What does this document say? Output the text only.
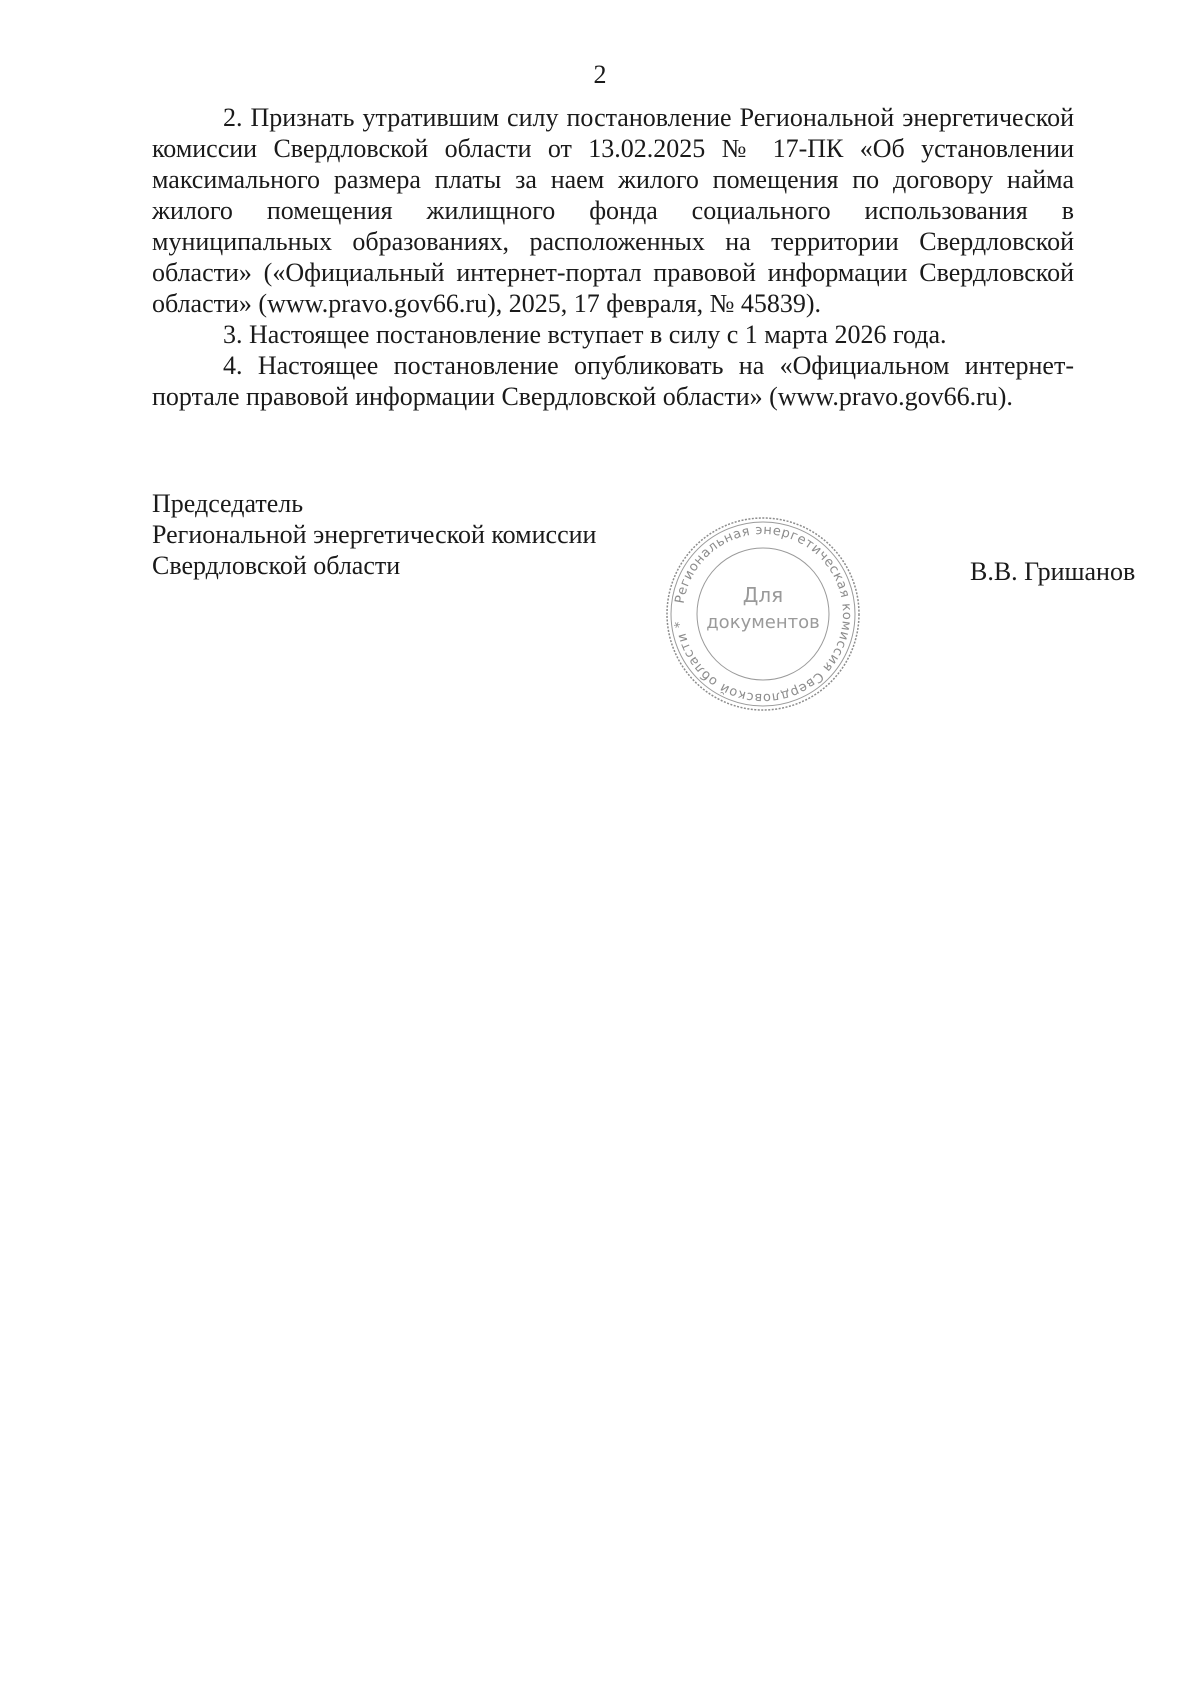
2

2. Признать утратившим силу постановление Региональной энергетической комиссии Свердловской области от 13.02.2025 № 17-ПК «Об установлении максимального размера платы за наем жилого помещения по договору найма жилого помещения жилищного фонда социального использования в муниципальных образованиях, расположенных на территории Свердловской области» («Официальный интернет-портал правовой информации Свердловской области» (www.pravo.gov66.ru), 2025, 17 февраля, № 45839).

3. Настоящее постановление вступает в силу с 1 марта 2026 года.

4. Настоящее постановление опубликовать на «Официальном интернет-портале правовой информации Свердловской области» (www.pravo.gov66.ru).

Председатель
Региональной энергетической комиссии
Свердловской области	В.В. Гришанов
Региональная энергетическая комиссия Свердловской области *
Для
документов
